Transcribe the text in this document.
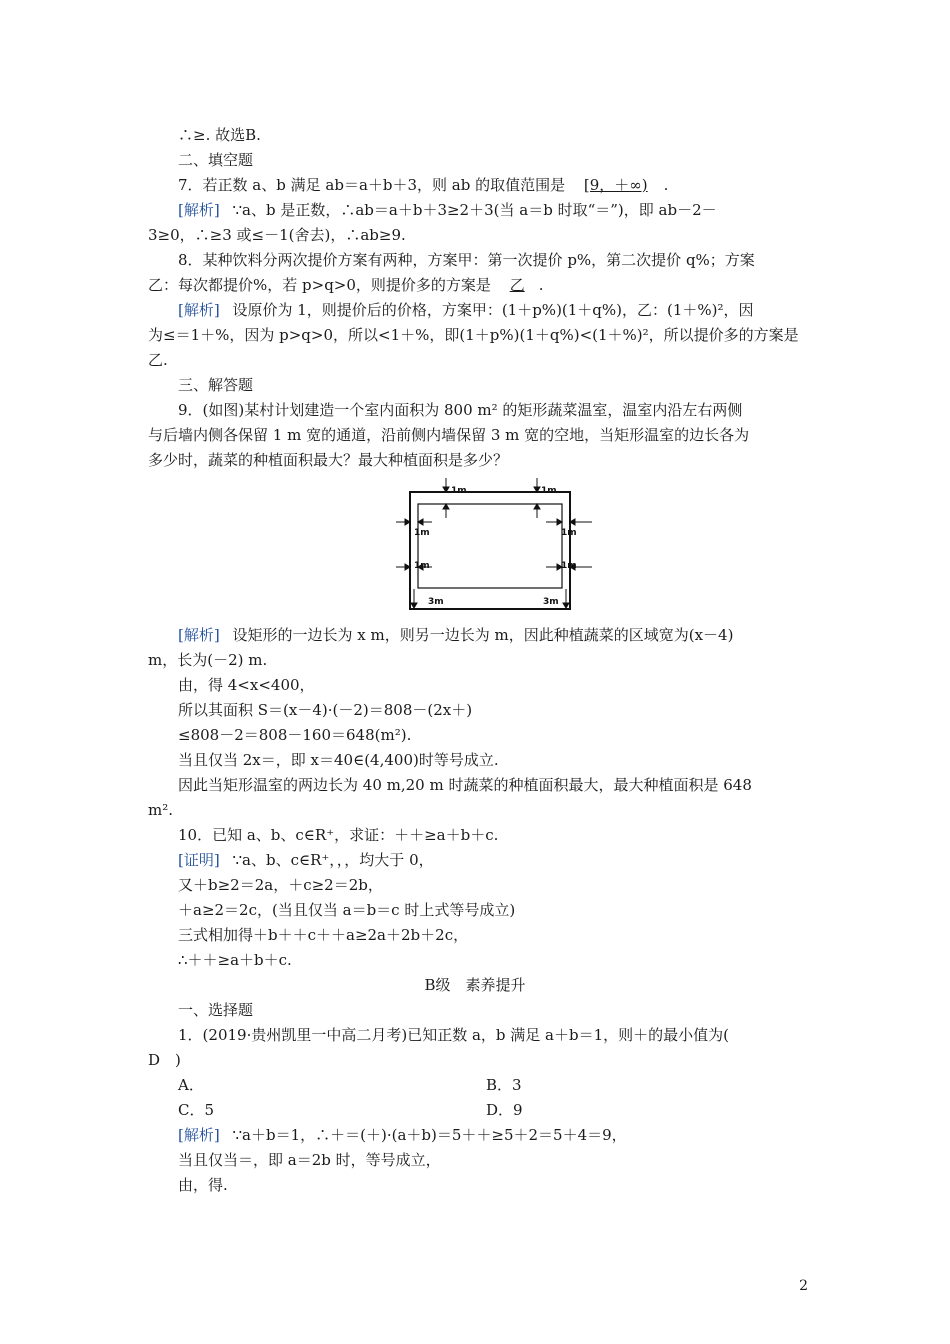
∴≥. 故选B.
二、填空题
7．若正数 a、b 满足 ab＝a＋b＋3，则 ab 的取值范围是 [9，＋∞) .
[解析] ∵a、b 是正数，∴ab＝a＋b＋3≥2＋3(当 a＝b 时取“＝”)，即 ab－2－
3≥0，∴≥3 或≤－1(舍去)，∴ab≥9.
8．某种饮料分两次提价方案有两种，方案甲：第一次提价 p%，第二次提价 q%；方案
乙：每次都提价%，若 p>q>0，则提价多的方案是 乙 .
[解析] 设原价为 1，则提价后的价格，方案甲：(1＋p%)(1＋q%)，乙：(1＋%)²，因
为≤＝1＋%，因为 p>q>0，所以<1＋%，即(1＋p%)(1＋q%)<(1＋%)²，所以提价多的方案是
乙.
三、解答题
9．(如图)某村计划建造一个室内面积为 800 m² 的矩形蔬菜温室，温室内沿左右两侧
与后墙内侧各保留 1 m 宽的通道，沿前侧内墙保留 3 m 宽的空地，当矩形温室的边长各为
多少时，蔬菜的种植面积最大？最大种植面积是多少？
1m	1m
1m
1m
1m
1m
3m	3m
[解析] 设矩形的一边长为 x m，则另一边长为 m，因此种植蔬菜的区域宽为(x－4)
m，长为(－2) m.
由，得 4<x<400，
所以其面积 S＝(x－4)·(－2)＝808－(2x＋)
≤808－2＝808－160＝648(m²).
当且仅当 2x＝，即 x＝40∈(4,400)时等号成立.
因此当矩形温室的两边长为 40 m,20 m 时蔬菜的种植面积最大，最大种植面积是 648
m².
10．已知 a、b、c∈R⁺，求证：＋＋≥a＋b＋c.
[证明] ∵a、b、c∈R⁺，，，均大于 0，
又＋b≥2＝2a，＋c≥2＝2b，
＋a≥2＝2c，(当且仅当 a＝b＝c 时上式等号成立)
三式相加得＋b＋＋c＋＋a≥2a＋2b＋2c，
∴＋＋≥a＋b＋c.
B级　素养提升
一、选择题
1．(2019·贵州凯里一中高二月考)已知正数 a，b 满足 a＋b＝1，则＋的最小值为(
D　)
A．	B．3
C．5	D．9
[解析] ∵a＋b＝1，∴＋＝(＋)·(a＋b)＝5＋＋≥5＋2＝5＋4＝9，
当且仅当＝，即 a＝2b 时，等号成立，
由，得.
2
